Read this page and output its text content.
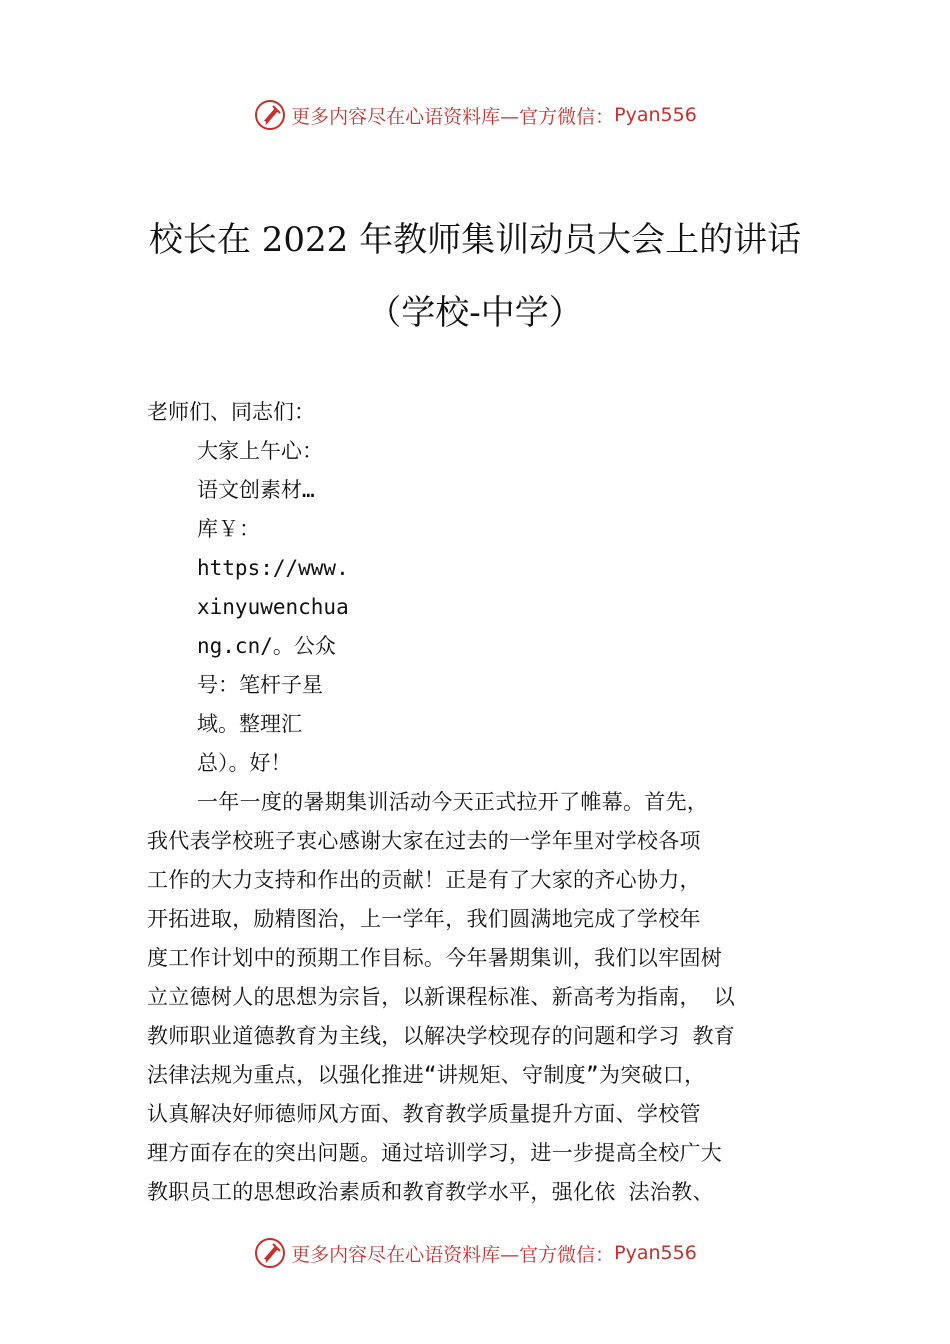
更多内容尽在心语资料库—官方微信： Pyan556
校长在 2022 年教师集训动员大会上的讲话
（学校-中学）
老师们、同志们：
大家上午心：
语文创素材…
库￥：
https://www.
xinyuwenchua
ng.cn/。公众
号：笔杆子星
域。整理汇
总）。好！
一年一度的暑期集训活动今天正式拉开了帷幕。首先，
我代表学校班子衷心感谢大家在过去的一学年里对学校各项
工作的大力支持和作出的贡献！正是有了大家的齐心协力，
开拓进取，励精图治，上一学年，我们圆满地完成了学校年
度工作计划中的预期工作目标。今年暑期集训，我们以牢固树
立立德树人的思想为宗旨，以新课程标准、新高考为指南， 以
教师职业道德教育为主线，以解决学校现存的问题和学习 教育
法律法规为重点，以强化推进“讲规矩、守制度”为突破口，
认真解决好师德师风方面、教育教学质量提升方面、学校管
理方面存在的突出问题。通过培训学习，进一步提高全校广大
教职员工的思想政治素质和教育教学水平，强化依 法治教、
更多内容尽在心语资料库—官方微信： Pyan556
